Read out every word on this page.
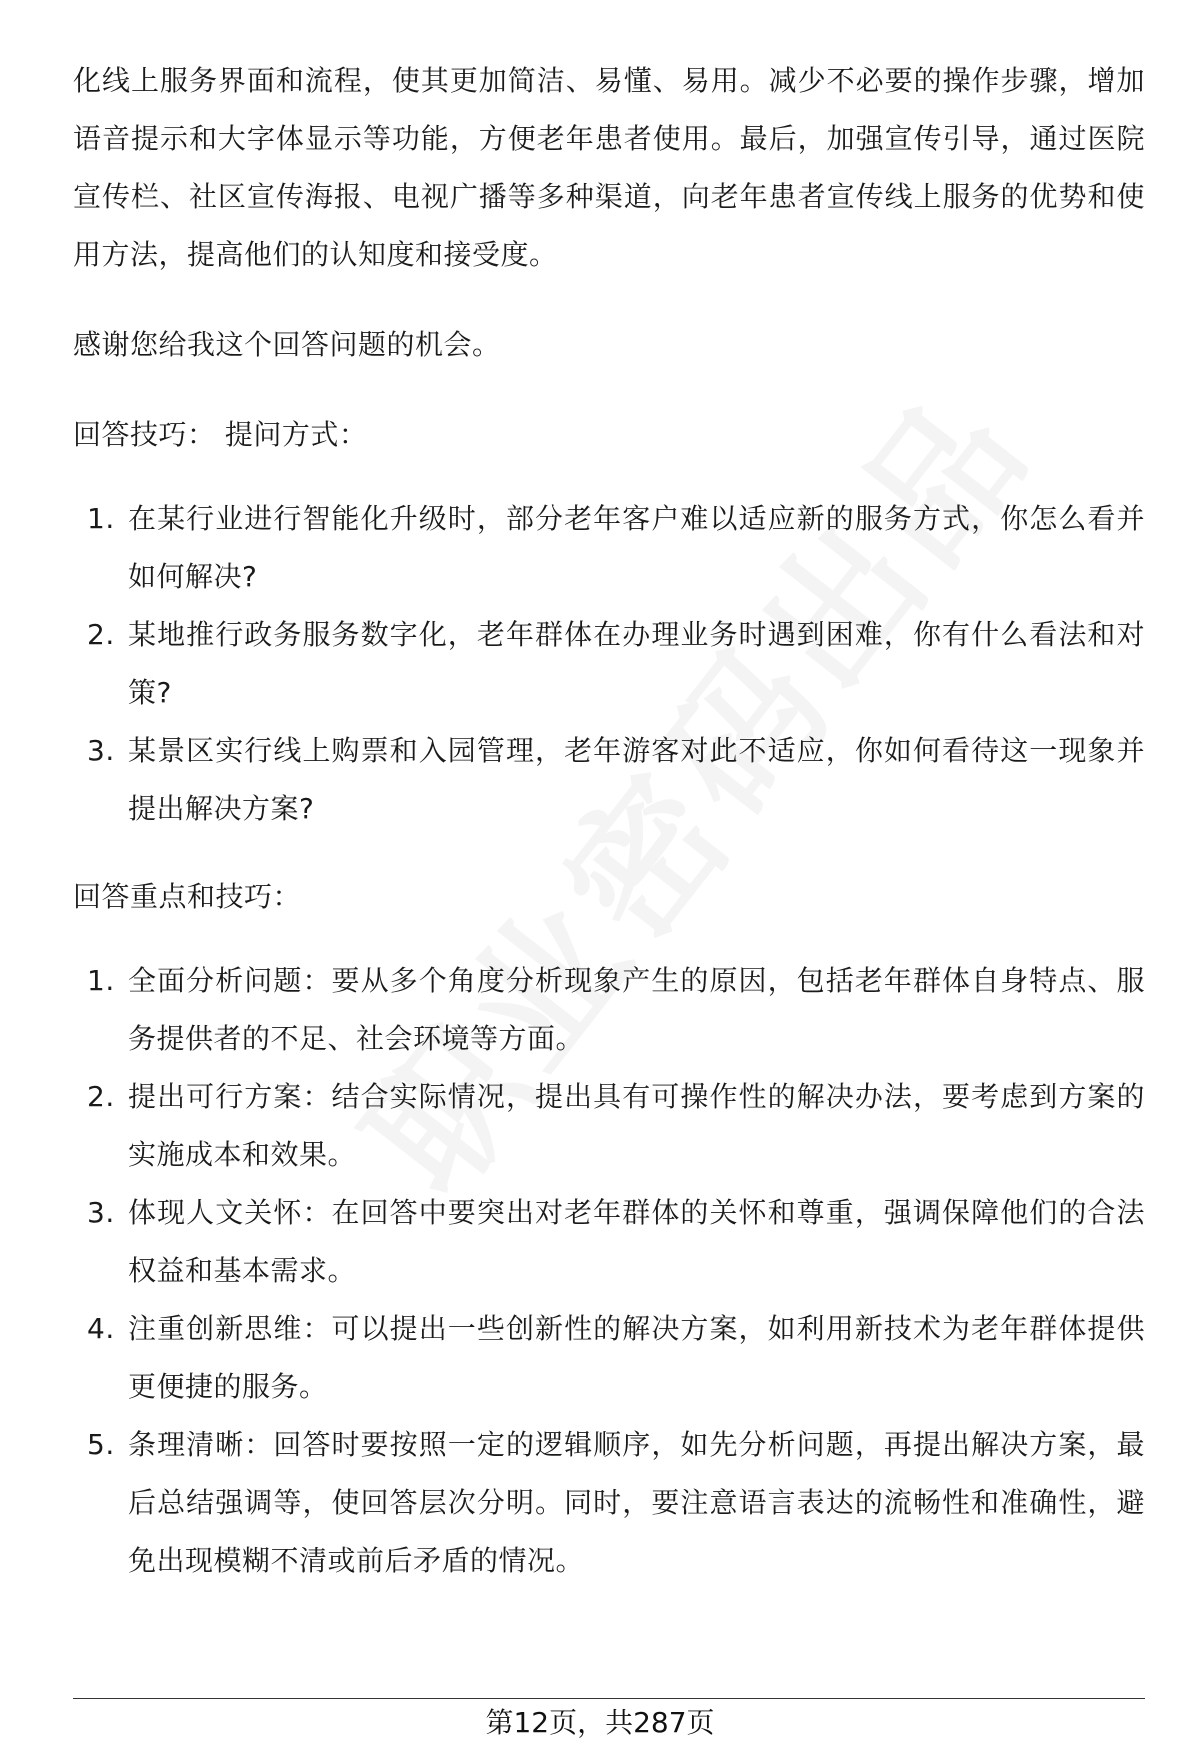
化线上服务界面和流程，使其更加简洁、易懂、易用。减少不必要的操作步骤，增加语音提示和大字体显示等功能，方便老年患者使用。最后，加强宣传引导，通过医院宣传栏、社区宣传海报、电视广播等多种渠道，向老年患者宣传线上服务的优势和使用方法，提高他们的认知度和接受度。

感谢您给我这个回答问题的机会。

回答技巧： 提问方式：

1. 在某行业进行智能化升级时，部分老年客户难以适应新的服务方式，你怎么看并如何解决?
2. 某地推行政务服务数字化，老年群体在办理业务时遇到困难，你有什么看法和对策?
3. 某景区实行线上购票和入园管理，老年游客对此不适应，你如何看待这一现象并提出解决方案?

回答重点和技巧：

1. 全面分析问题：要从多个角度分析现象产生的原因，包括老年群体自身特点、服务提供者的不足、社会环境等方面。
2. 提出可行方案：结合实际情况，提出具有可操作性的解决办法，要考虑到方案的实施成本和效果。
3. 体现人文关怀：在回答中要突出对老年群体的关怀和尊重，强调保障他们的合法权益和基本需求。
4. 注重创新思维：可以提出一些创新性的解决方案，如利用新技术为老年群体提供更便捷的服务。
5. 条理清晰：回答时要按照一定的逻辑顺序，如先分析问题，再提出解决方案，最后总结强调等，使回答层次分明。同时，要注意语言表达的流畅性和准确性，避免出现模糊不清或前后矛盾的情况。
第12页，共287页
